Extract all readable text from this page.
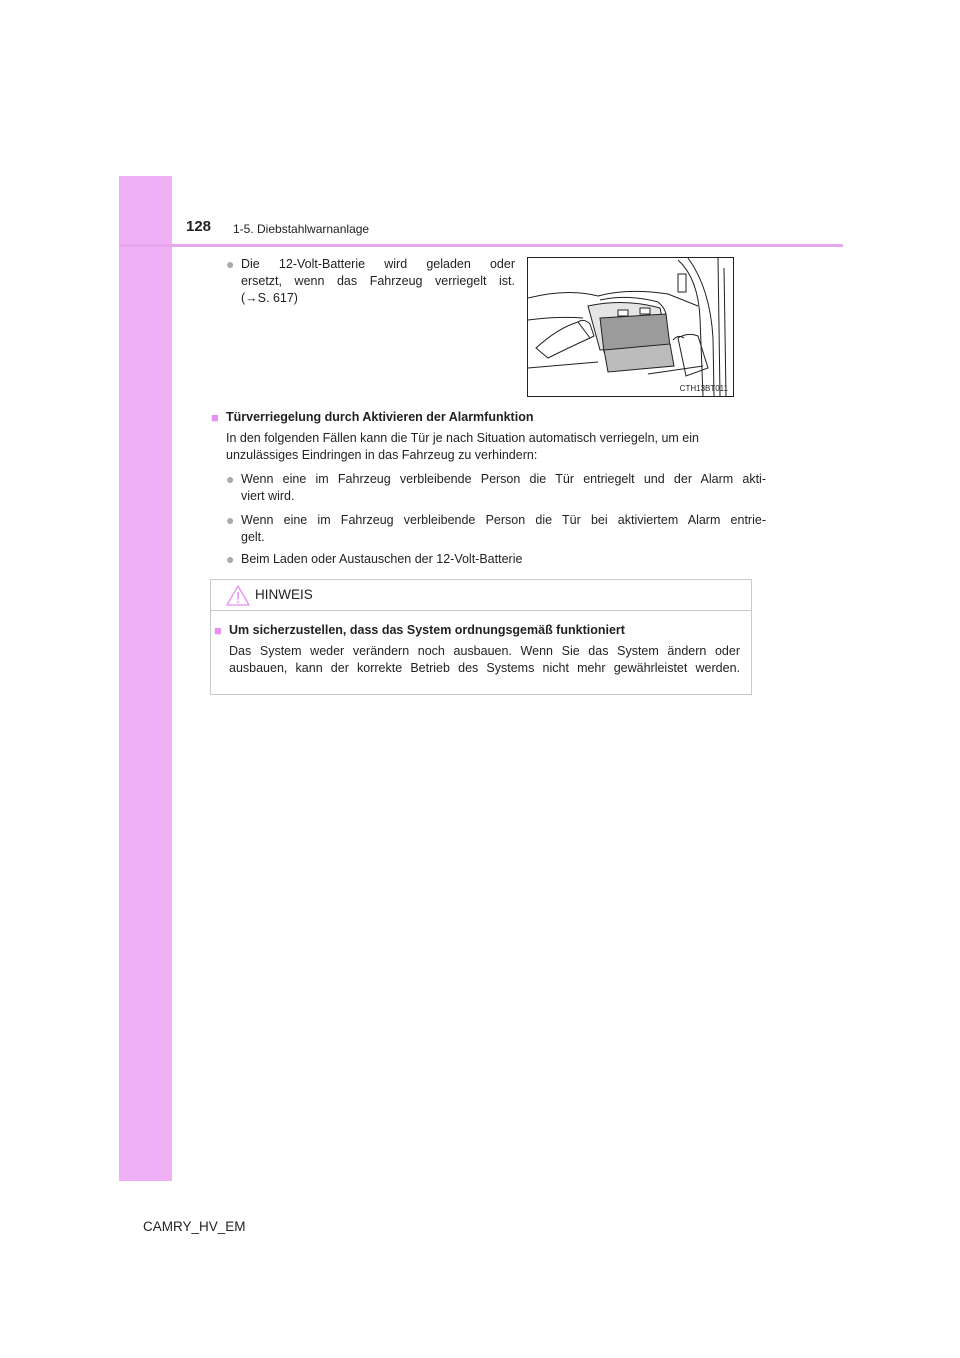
128 1-5. Diebstahlwarnanlage
● Die 12-Volt-Batterie wird geladen oder
ersetzt, wenn das Fahrzeug verriegelt ist.
(→S. 617)
CTH13BT011
■ Türverriegelung durch Aktivieren der Alarmfunktion
In den folgenden Fällen kann die Tür je nach Situation automatisch verriegeln, um ein
unzulässiges Eindringen in das Fahrzeug zu verhindern:
● Wenn eine im Fahrzeug verbleibende Person die Tür entriegelt und der Alarm akti-
viert wird.
● Wenn eine im Fahrzeug verbleibende Person die Tür bei aktiviertem Alarm entrie-
gelt.
● Beim Laden oder Austauschen der 12-Volt-Batterie
HINWEIS
■ Um sicherzustellen, dass das System ordnungsgemäß funktioniert
Das System weder verändern noch ausbauen. Wenn Sie das System ändern oder
ausbauen, kann der korrekte Betrieb des Systems nicht mehr gewährleistet werden.
CAMRY_HV_EM
